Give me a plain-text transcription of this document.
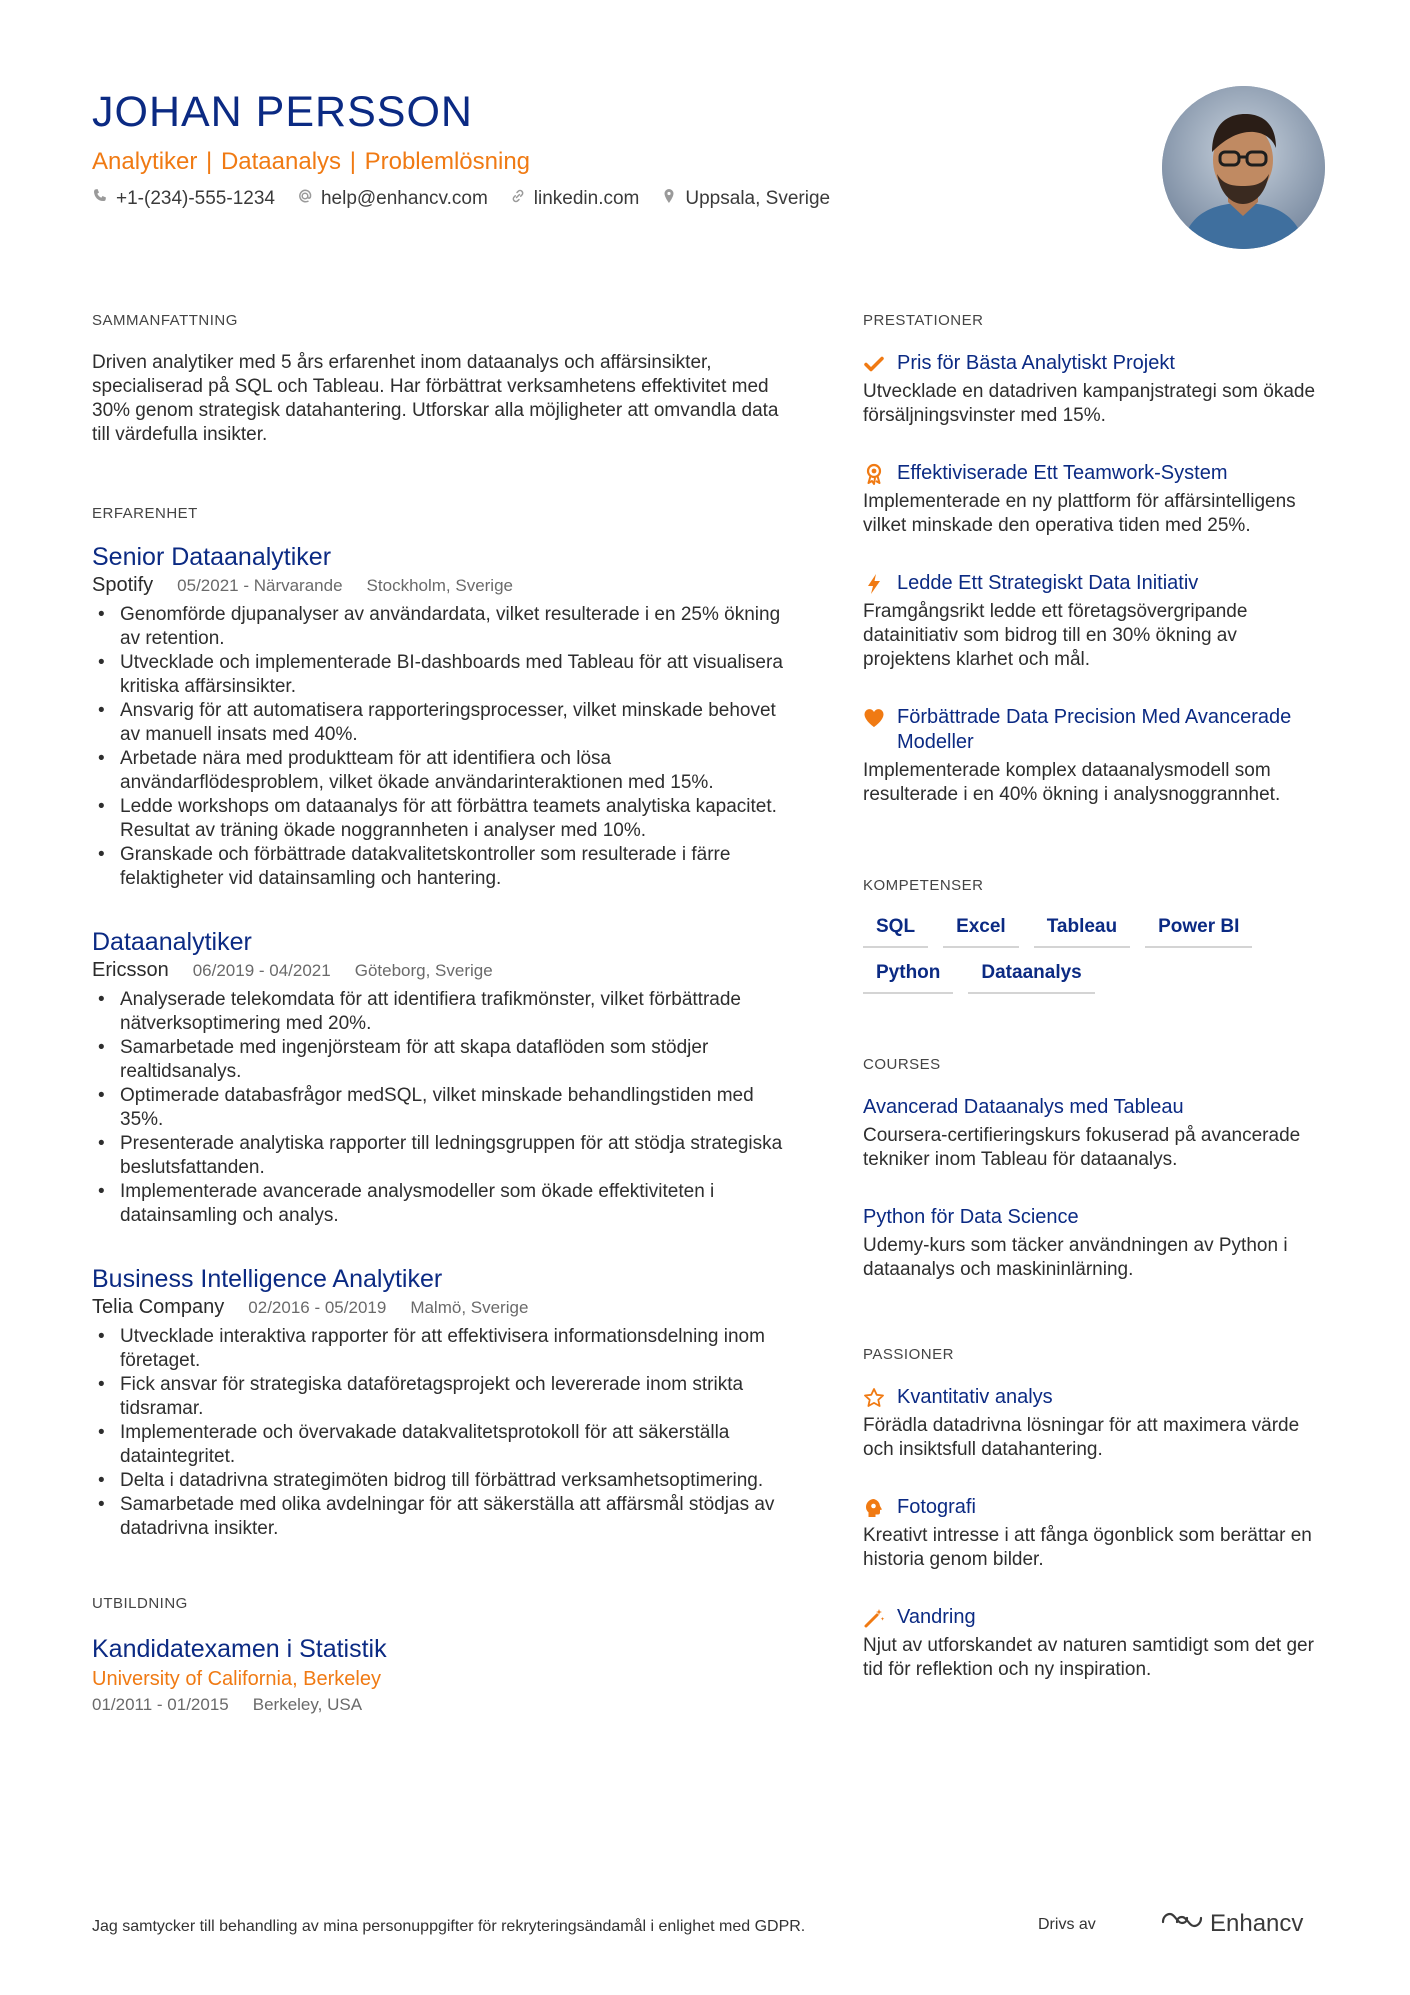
JOHAN PERSSON
Analytiker | Dataanalys | Problemlösning
+1-(234)-555-1234 help@enhancv.com linkedin.com Uppsala, Sverige
SAMMANFATTNING

Driven analytiker med 5 års erfarenhet inom dataanalys och affärsinsikter, specialiserad på SQL och Tableau. Har förbättrat verksamhetens effektivitet med 30% genom strategisk datahantering. Utforskar alla möjligheter att omvandla data till värdefulla insikter.

ERFARENHET
Senior Dataanalytiker
Spotify 05/2021 - Närvarande Stockholm, Sverige
• Genomförde djupanalyser av användardata, vilket resulterade i en 25% ökning av retention.
• Utvecklade och implementerade BI-dashboards med Tableau för att visualisera kritiska affärsinsikter.
• Ansvarig för att automatisera rapporteringsprocesser, vilket minskade behovet av manuell insats med 40%.
• Arbetade nära med produktteam för att identifiera och lösa användarflödesproblem, vilket ökade användarinteraktionen med 15%.
• Ledde workshops om dataanalys för att förbättra teamets analytiska kapacitet. Resultat av träning ökade noggrannheten i analyser med 10%.
• Granskade och förbättrade datakvalitetskontroller som resulterade i färre felaktigheter vid datainsamling och hantering.
Dataanalytiker
Ericsson 06/2019 - 04/2021 Göteborg, Sverige
• Analyserade telekomdata för att identifiera trafikmönster, vilket förbättrade nätverksoptimering med 20%.
• Samarbetade med ingenjörsteam för att skapa dataflöden som stödjer realtidsanalys.
• Optimerade databasfrågor medSQL, vilket minskade behandlingstiden med 35%.
• Presenterade analytiska rapporter till ledningsgruppen för att stödja strategiska beslutsfattanden.
• Implementerade avancerade analysmodeller som ökade effektiviteten i datainsamling och analys.
Business Intelligence Analytiker
Telia Company 02/2016 - 05/2019 Malmö, Sverige
• Utvecklade interaktiva rapporter för att effektivisera informationsdelning inom företaget.
• Fick ansvar för strategiska dataföretagsprojekt och levererade inom strikta tidsramar.
• Implementerade och övervakade datakvalitetsprotokoll för att säkerställa dataintegritet.
• Delta i datadrivna strategimöten bidrog till förbättrad verksamhetsoptimering.
• Samarbetade med olika avdelningar för att säkerställa att affärsmål stödjas av datadrivna insikter.
UTBILDNING
Kandidatexamen i Statistik
University of California, Berkeley
01/2011 - 01/2015 Berkeley, USA
PRESTATIONER
Pris för Bästa Analytiskt Projekt
Utvecklade en datadriven kampanjstrategi som ökade försäljningsvinster med 15%.
Effektiviserade Ett Teamwork-System
Implementerade en ny plattform för affärsintelligens vilket minskade den operativa tiden med 25%.
Ledde Ett Strategiskt Data Initiativ
Framgångsrikt ledde ett företagsövergripande datainitiativ som bidrog till en 30% ökning av projektens klarhet och mål.
Förbättrade Data Precision Med Avancerade Modeller
Implementerade komplex dataanalysmodell som resulterade i en 40% ökning i analysnoggrannhet.
KOMPETENSER
SQL	Excel	Tableau	Power BI
Python	Dataanalys
COURSES
Avancerad Dataanalys med Tableau
Coursera-certifieringskurs fokuserad på avancerade tekniker inom Tableau för dataanalys.
Python för Data Science
Udemy-kurs som täcker användningen av Python i dataanalys och maskininlärning.
PASSIONER
Kvantitativ analys
Förädla datadrivna lösningar för att maximera värde och insiktsfull datahantering.
Fotografi
Kreativt intresse i att fånga ögonblick som berättar en historia genom bilder.
Vandring
Njut av utforskandet av naturen samtidigt som det ger tid för reflektion och ny inspiration.
Jag samtycker till behandling av mina personuppgifter för rekryteringsändamål i enlighet med GDPR.	Drivs av	Enhancv
